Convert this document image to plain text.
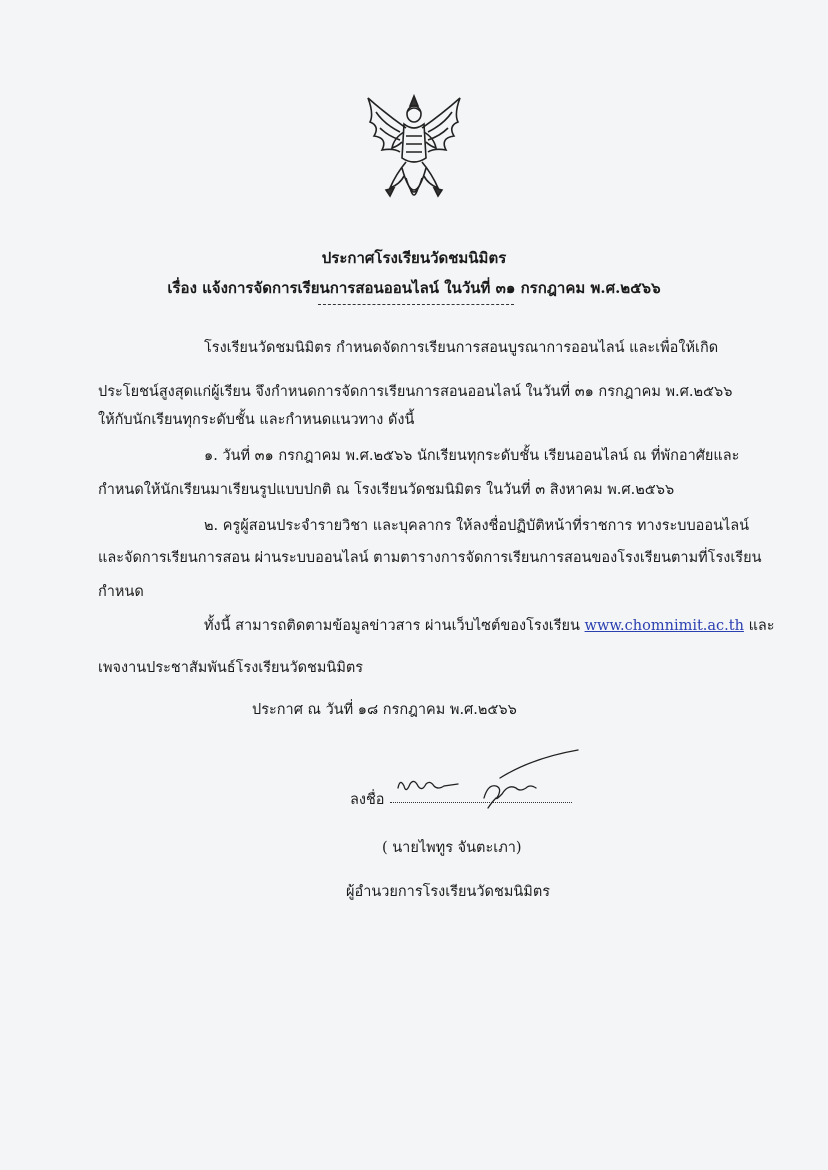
ประกาศโรงเรียนวัดชมนิมิตร
เรื่อง แจ้งการจัดการเรียนการสอนออนไลน์ ในวันที่ ๓๑ กรกฎาคม พ.ศ.๒๕๖๖
โรงเรียนวัดชมนิมิตร กำหนดจัดการเรียนการสอนบูรณาการออนไลน์ และเพื่อให้เกิด
ประโยชน์สูงสุดแก่ผู้เรียน จึงกำหนดการจัดการเรียนการสอนออนไลน์ ในวันที่ ๓๑ กรกฎาคม พ.ศ.๒๕๖๖
ให้กับนักเรียนทุกระดับชั้น และกำหนดแนวทาง ดังนี้
๑. วันที่ ๓๑ กรกฎาคม พ.ศ.๒๕๖๖ นักเรียนทุกระดับชั้น เรียนออนไลน์ ณ ที่พักอาศัยและ
กำหนดให้นักเรียนมาเรียนรูปแบบปกติ ณ โรงเรียนวัดชมนิมิตร ในวันที่ ๓ สิงหาคม พ.ศ.๒๕๖๖
๒. ครูผู้สอนประจำรายวิชา และบุคลากร ให้ลงชื่อปฏิบัติหน้าที่ราชการ ทางระบบออนไลน์
และจัดการเรียนการสอน ผ่านระบบออนไลน์ ตามตารางการจัดการเรียนการสอนของโรงเรียนตามที่โรงเรียน
กำหนด
ทั้งนี้ สามารถติดตามข้อมูลข่าวสาร ผ่านเว็บไซต์ของโรงเรียน www.chomnimit.ac.th และ
เพจงานประชาสัมพันธ์โรงเรียนวัดชมนิมิตร
ประกาศ ณ วันที่ ๑๘ กรกฎาคม พ.ศ.๒๕๖๖
ลงชื่อ
( นายไพทูร จันตะเภา)
ผู้อำนวยการโรงเรียนวัดชมนิมิตร
